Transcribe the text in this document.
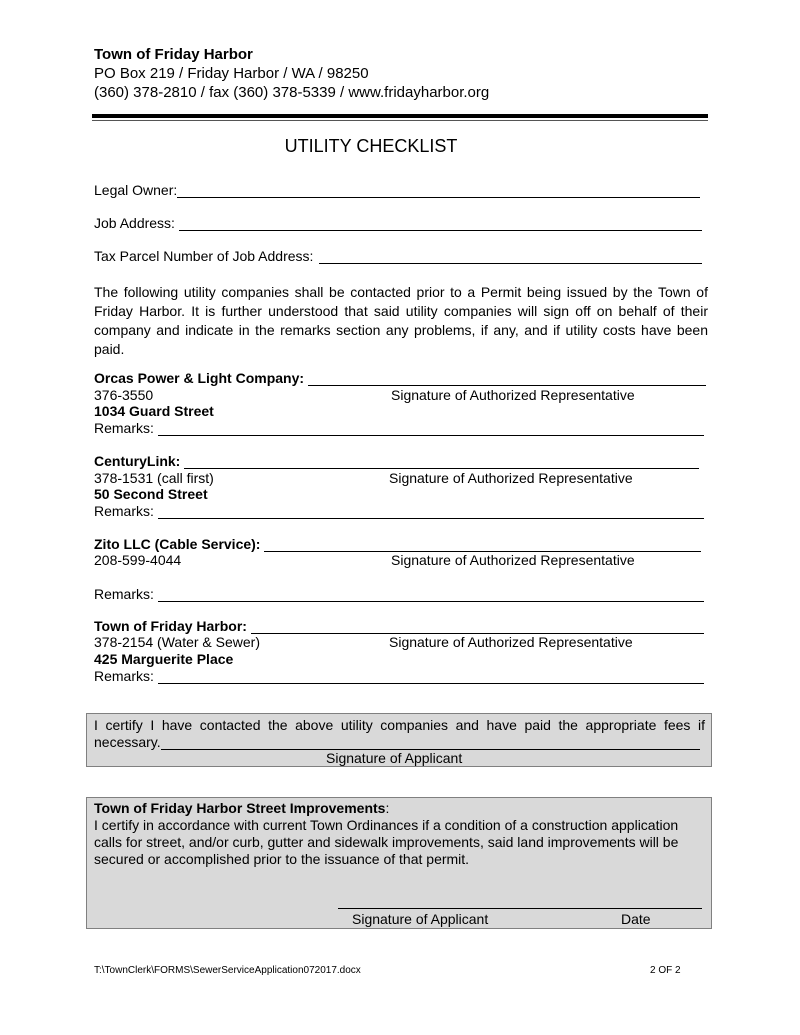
Town of Friday Harbor
PO Box 219 / Friday Harbor / WA / 98250
(360) 378-2810 / fax (360) 378-5339 / www.fridayharbor.org
UTILITY CHECKLIST
Legal Owner:
Job Address:
Tax Parcel Number of Job Address:
The following utility companies shall be contacted prior to a Permit being issued by the Town of Friday Harbor. It is further understood that said utility companies will sign off on behalf of their company and indicate in the remarks section any problems, if any, and if utility costs have been paid.
Orcas Power & Light Company:
376-3550	Signature of Authorized Representative
1034 Guard Street
Remarks:
CenturyLink:
378-1531 (call first)	Signature of Authorized Representative
50 Second Street
Remarks:
Zito LLC (Cable Service):
208-599-4044	Signature of Authorized Representative
Remarks:
Town of Friday Harbor:
378-2154 (Water & Sewer)	Signature of Authorized Representative
425 Marguerite Place
Remarks:
I certify I have contacted the above utility companies and have paid the appropriate fees if
necessary.
Signature of Applicant
Town of Friday Harbor Street Improvements:
I certify in accordance with current Town Ordinances if a condition of a construction application
calls for street, and/or curb, gutter and sidewalk improvements, said land improvements will be
secured or accomplished prior to the issuance of that permit.
Signature of Applicant	Date
T:\TownClerk\FORMS\SewerServiceApplication072017.docx	2 OF 2
